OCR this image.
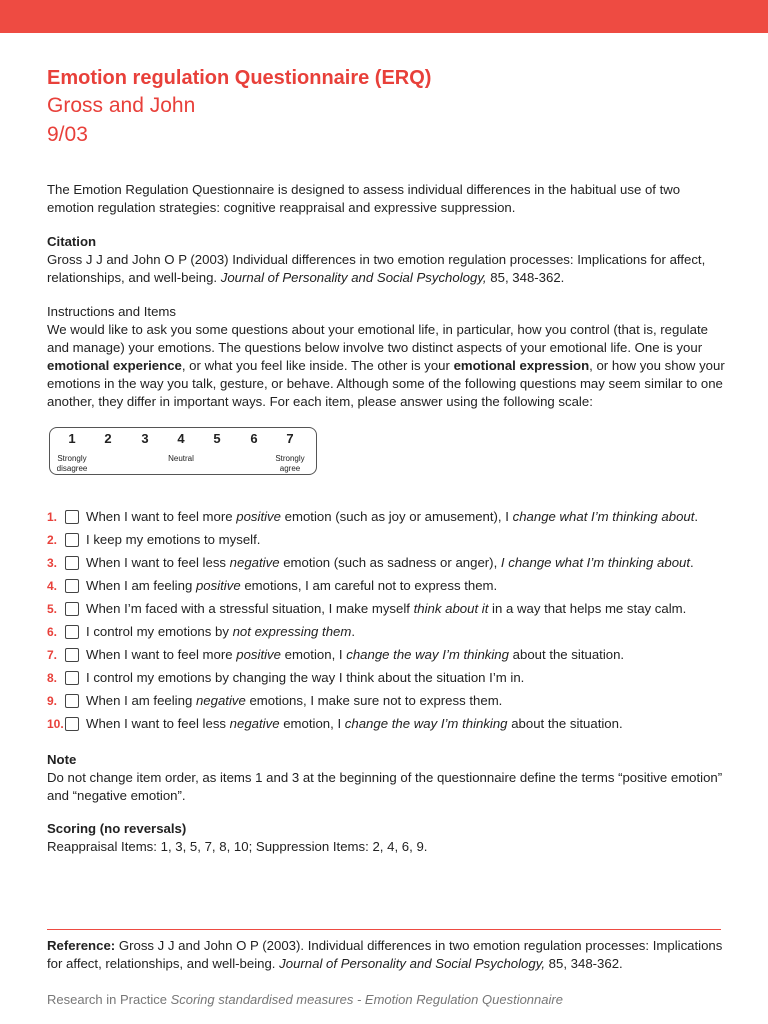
Emotion regulation Questionnaire (ERQ)
Gross and John
9/03

The Emotion Regulation Questionnaire is designed to assess individual differences in the habitual use of two emotion regulation strategies: cognitive reappraisal and expressive suppression.

Citation

Gross J J and John O P (2003) Individual differences in two emotion regulation processes: Implications for affect, relationships, and well-being. Journal of Personality and Social Psychology, 85, 348-362.

Instructions and Items

We would like to ask you some questions about your emotional life, in particular, how you control (that is, regulate and manage) your emotions. The questions below involve two distinct aspects of your emotional life. One is your emotional experience, or what you feel like inside. The other is your emotional expression, or how you show your emotions in the way you talk, gesture, or behave. Although some of the following questions may seem similar to one another, they differ in important ways. For each item, please answer using the following scale:

Strongly
disagree
Neutral	Strongly
agree
1	2	3	4	5	6	7
1.	When I want to feel more positive emotion (such as joy or amusement), I change what I’m thinking about.
2.	I keep my emotions to myself.
3.	When I want to feel less negative emotion (such as sadness or anger), I change what I’m thinking about.
4.	When I am feeling positive emotions, I am careful not to express them.
5.	When I’m faced with a stressful situation, I make myself think about it in a way that helps me stay calm.
6.	I control my emotions by not expressing them.
7.	When I want to feel more positive emotion, I change the way I’m thinking about the situation.
8.	I control my emotions by changing the way I think about the situation I’m in.
9.	When I am feeling negative emotions, I make sure not to express them.
10. When I want to feel less negative emotion, I change the way I’m thinking about the situation.

Note

Do not change item order, as items 1 and 3 at the beginning of the questionnaire define the terms “positive emotion” and “negative emotion”.

Scoring (no reversals)

Reappraisal Items: 1, 3, 5, 7, 8, 10; Suppression Items: 2, 4, 6, 9.

Reference: Gross J J and John O P (2003). Individual differences in two emotion regulation processes: Implications for affect, relationships, and well-being. Journal of Personality and Social Psychology, 85, 348-362.

Research in Practice Scoring standardised measures - Emotion Regulation Questionnaire
